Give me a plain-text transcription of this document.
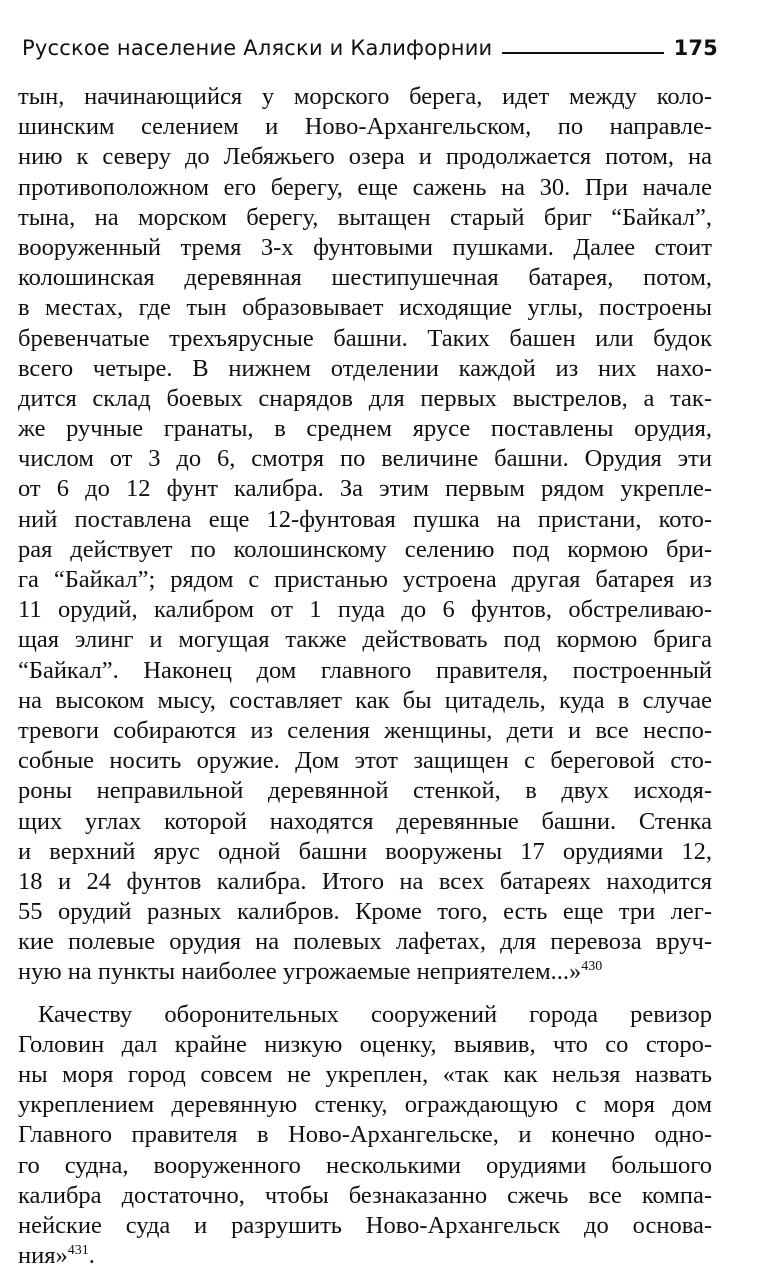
Русское население Аляски и Калифорнии	175
тын, начинающийся у морского берега, идет между коло-
шинским селением и Ново-Архангельском, по направле-
нию к северу до Лебяжьего озера и продолжается потом, на
противоположном его берегу, еще сажень на 30. При начале
тына, на морском берегу, вытащен старый бриг “Байкал”,
вооруженный тремя 3-х фунтовыми пушками. Далее стоит
колошинская деревянная шестипушечная батарея, потом,
в местах, где тын образовывает исходящие углы, построены
бревенчатые трехъярусные башни. Таких башен или будок
всего четыре. В нижнем отделении каждой из них нахо-
дится склад боевых снарядов для первых выстрелов, а так-
же ручные гранаты, в среднем ярусе поставлены орудия,
числом от 3 до 6, смотря по величине башни. Орудия эти
от 6 до 12 фунт калибра. За этим первым рядом укрепле-
ний поставлена еще 12-фунтовая пушка на пристани, кото-
рая действует по колошинскому селению под кормою бри-
га “Байкал”; рядом с пристанью устроена другая батарея из
11 орудий, калибром от 1 пуда до 6 фунтов, обстреливаю-
щая элинг и могущая также действовать под кормою брига
“Байкал”. Наконец дом главного правителя, построенный
на высоком мысу, составляет как бы цитадель, куда в случае
тревоги собираются из селения женщины, дети и все неспо-
собные носить оружие. Дом этот защищен с береговой сто-
роны неправильной деревянной стенкой, в двух исходя-
щих углах которой находятся деревянные башни. Стенка
и верхний ярус одной башни вооружены 17 орудиями 12,
18 и 24 фунтов калибра. Итого на всех батареях находится
55 орудий разных калибров. Кроме того, есть еще три лег-
кие полевые орудия на полевых лафетах, для перевоза вруч-
ную на пункты наиболее угрожаемые неприятелем...»$^{430}$
Качеству оборонительных сооружений города ревизор
Головин дал крайне низкую оценку, выявив, что со сторо-
ны моря город совсем не укреплен, «так как нельзя назвать
укреплением деревянную стенку, ограждающую с моря дом
Главного правителя в Ново-Архангельске, и конечно одно-
го судна, вооруженного несколькими орудиями большого
калибра достаточно, чтобы безнаказанно сжечь все компа-
нейские суда и разрушить Ново-Архангельск до основа-
ния»$^{431}$.
